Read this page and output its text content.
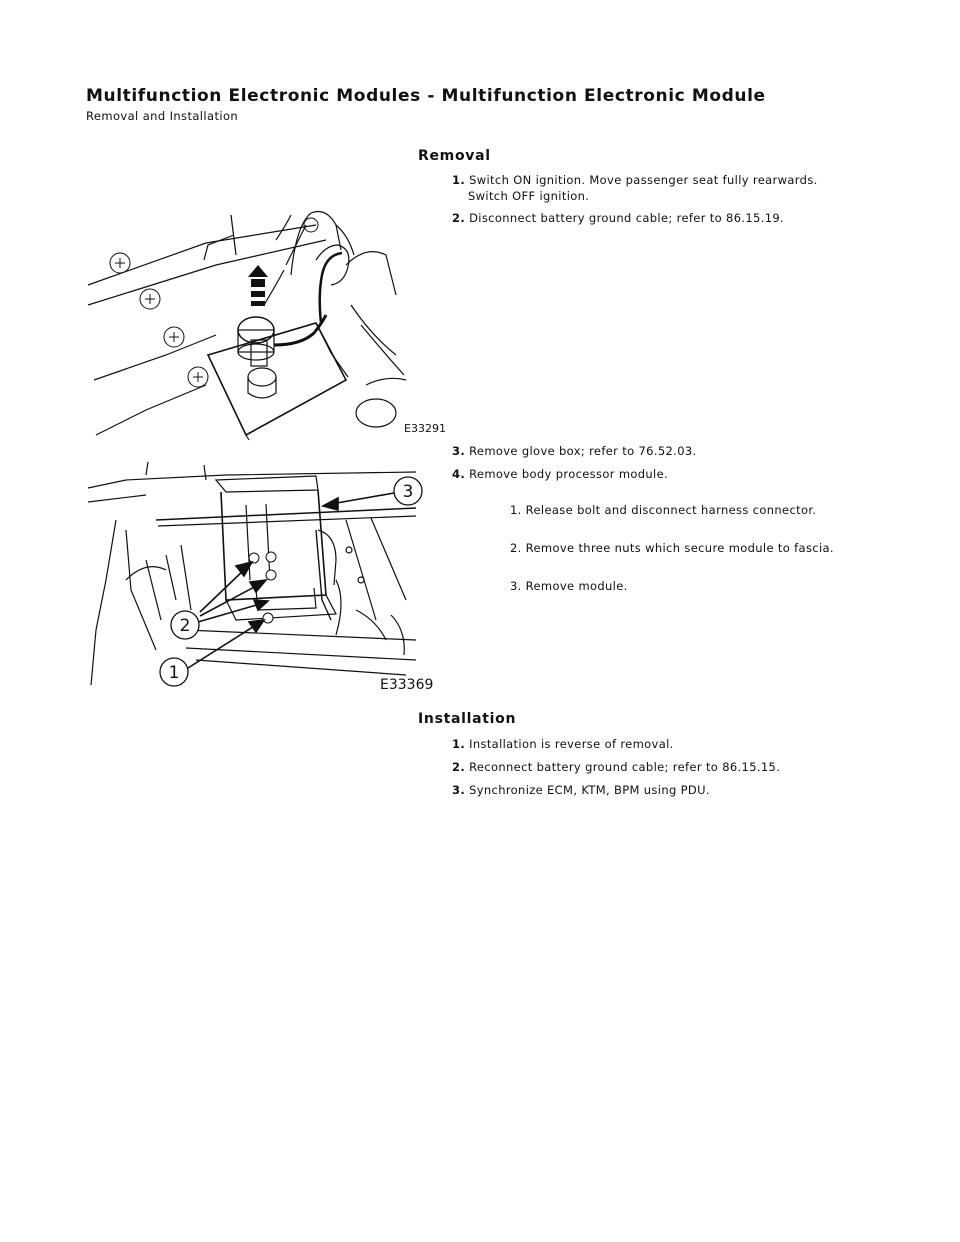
Multifunction Electronic Modules - Multifunction Electronic Module
Removal and Installation
Removal
1. Switch ON ignition. Move passenger seat fully rearwards.
Switch OFF ignition.
2. Disconnect battery ground cable; refer to 86.15.19.
3. Remove glove box; refer to 76.52.03.
4. Remove body processor module.
1. Release bolt and disconnect harness connector.
2. Remove three nuts which secure module to fascia.
3. Remove module.
E33291
3
2
1
E33369
Installation
1. Installation is reverse of removal.
2. Reconnect battery ground cable; refer to 86.15.15.
3. Synchronize ECM, KTM, BPM using PDU.
